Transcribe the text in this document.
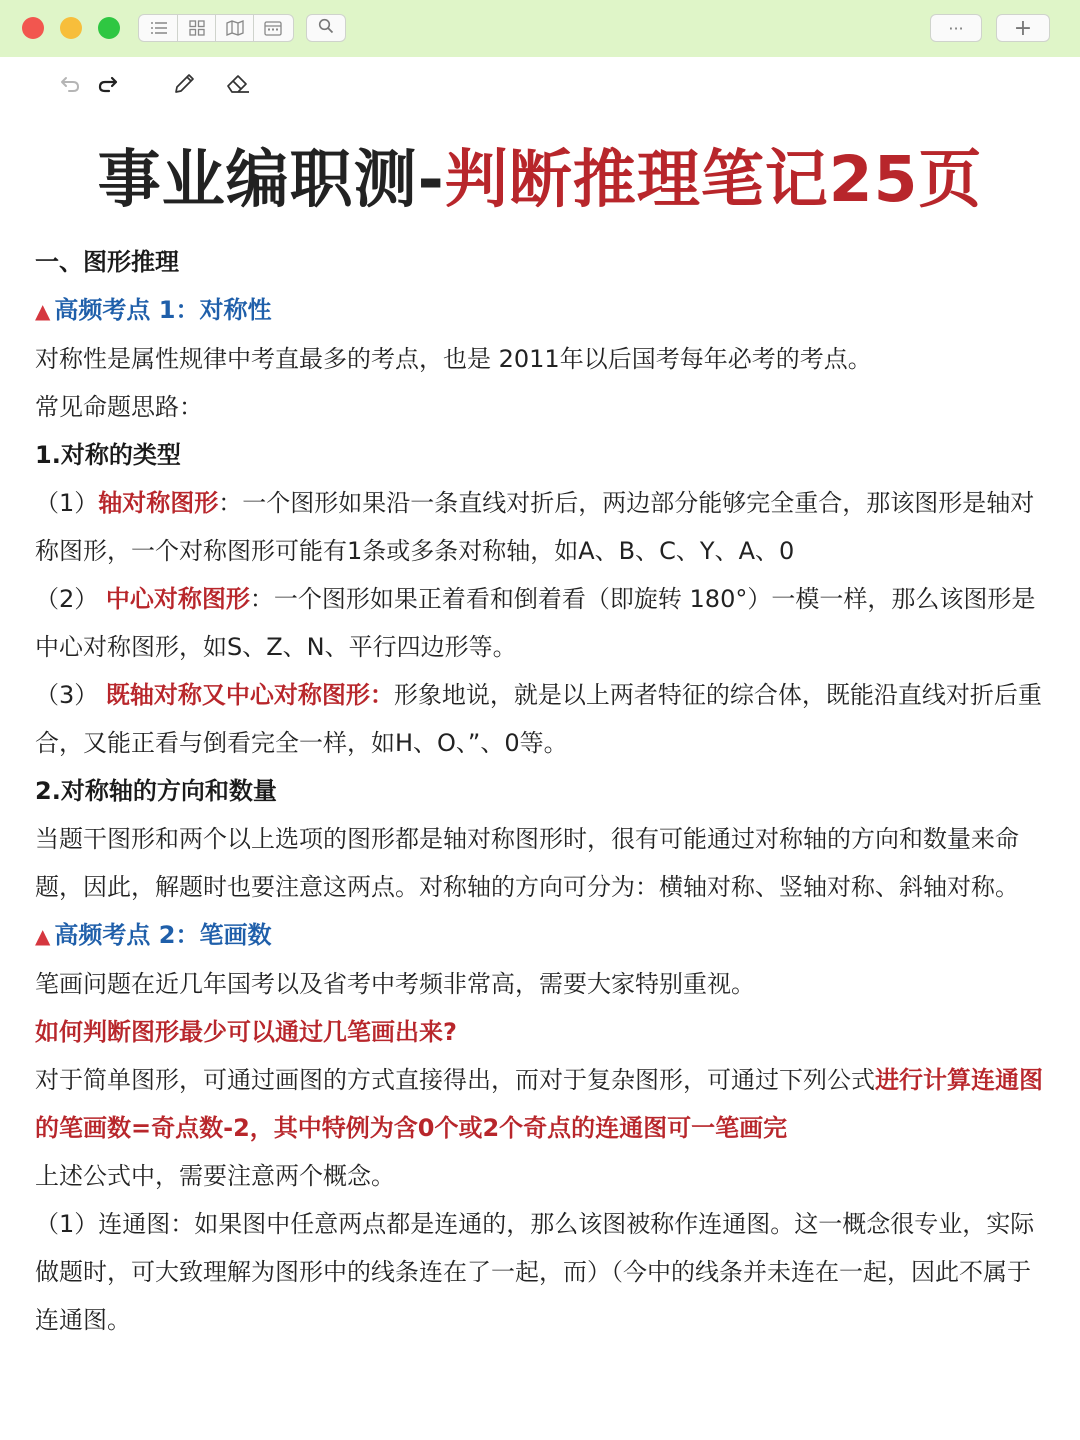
··· +
事业编职测-判断推理笔记25页

一、图形推理

▲ 高频考点 1：对称性

对称性是属性规律中考直最多的考点，也是 2011年以后国考每年必考的考点。

常见命题思路：

1.对称的类型

（1）轴对称图形：一个图形如果沿一条直线对折后，两边部分能够完全重合，那该图形是轴对称图形，一个对称图形可能有1条或多条对称轴，如A、B、C、Y、A、0

（2） 中心对称图形：一个图形如果正着看和倒着看（即旋转 180°）一模一样，那么该图形是中心对称图形，如S、Z、N、平行四边形等。

（3） 既轴对称又中心对称图形：形象地说，就是以上两者特征的综合体，既能沿直线对折后重合，又能正看与倒看完全一样，如H、O、”、0等。

2.对称轴的方向和数量

当题干图形和两个以上选项的图形都是轴对称图形时，很有可能通过对称轴的方向和数量来命题，因此，解题时也要注意这两点。对称轴的方向可分为：横轴对称、竖轴对称、斜轴对称。

▲ 高频考点 2：笔画数

笔画问题在近几年国考以及省考中考频非常高，需要大家特别重视。

如何判断图形最少可以通过几笔画出来?

对于简单图形，可通过画图的方式直接得出，而对于复杂图形，可通过下列公式进行计算连通图的笔画数=奇点数-2，其中特例为含0个或2个奇点的连通图可一笔画完

上述公式中，需要注意两个概念。

（1）连通图：如果图中任意两点都是连通的，那么该图被称作连通图。这一概念很专业，实际做题时，可大致理解为图形中的线条连在了一起，而）（今中的线条并未连在一起，因此不属于连通图。
